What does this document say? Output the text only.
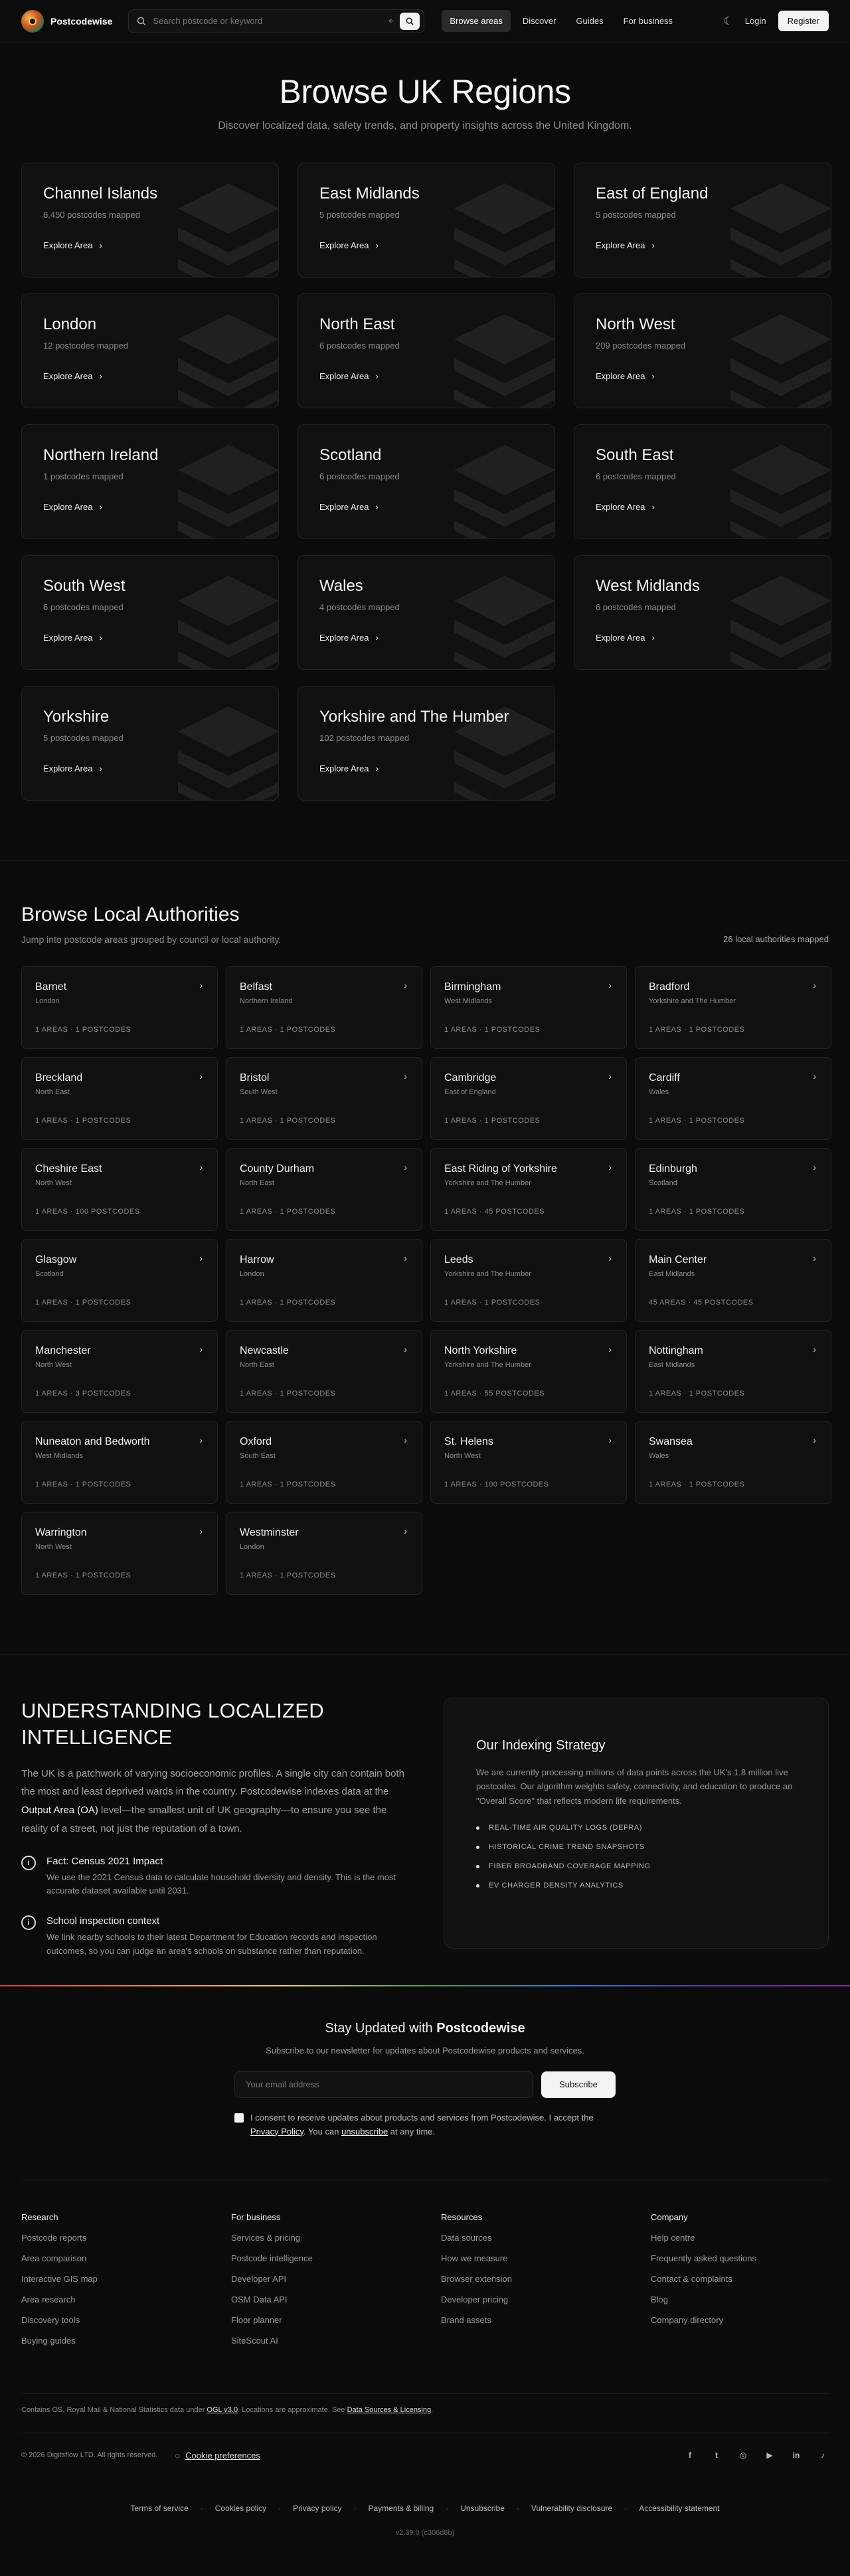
Postcodewise
Search postcode or keyword	⌖	Browse areas	Discover	Guides	For business	☾ Login	Register
Browse UK Regions

Discover localized data, safety trends, and property insights across the United Kingdom.

Channel Islands
6,450 postcodes mapped
Explore Area ›
East Midlands
5 postcodes mapped
Explore Area ›
East of England
5 postcodes mapped
Explore Area ›
London
12 postcodes mapped
Explore Area ›
North East
6 postcodes mapped
Explore Area ›
North West
209 postcodes mapped
Explore Area ›
Northern Ireland
1 postcodes mapped
Explore Area ›
Scotland
6 postcodes mapped
Explore Area ›
South East
6 postcodes mapped
Explore Area ›
South West
6 postcodes mapped
Explore Area ›
Wales
4 postcodes mapped
Explore Area ›
West Midlands
6 postcodes mapped
Explore Area ›
Yorkshire
5 postcodes mapped
Explore Area ›
Yorkshire and The Humber
102 postcodes mapped
Explore Area ›
Browse Local Authorities
Jump into postcode areas grouped by council or local authority.	26 local authorities mapped
Barnet
London
›
1 AREAS · 1 POSTCODES
Belfast
Northern Ireland
›
1 AREAS · 1 POSTCODES
Birmingham
West Midlands
›
1 AREAS · 1 POSTCODES
Bradford
Yorkshire and The Humber
›
1 AREAS · 1 POSTCODES
Breckland
North East
›
1 AREAS · 1 POSTCODES
Bristol
South West
›
1 AREAS · 1 POSTCODES
Cambridge
East of England
›
1 AREAS · 1 POSTCODES
Cardiff
Wales
›
1 AREAS · 1 POSTCODES
Cheshire East
North West
›
1 AREAS · 100 POSTCODES
County Durham
North East
›
1 AREAS · 1 POSTCODES
East Riding of Yorkshire
Yorkshire and The Humber
›
1 AREAS · 45 POSTCODES
Edinburgh
Scotland
›
1 AREAS · 1 POSTCODES
Glasgow
Scotland
›
1 AREAS · 1 POSTCODES
Harrow
London
›
1 AREAS · 1 POSTCODES
Leeds
Yorkshire and The Humber
›
1 AREAS · 1 POSTCODES
Main Center
East Midlands
›
45 AREAS · 45 POSTCODES
Manchester
North West
›
1 AREAS · 3 POSTCODES
Newcastle
North East
›
1 AREAS · 1 POSTCODES
North Yorkshire
Yorkshire and The Humber
›
1 AREAS · 55 POSTCODES
Nottingham
East Midlands
›
1 AREAS · 1 POSTCODES
Nuneaton and Bedworth
West Midlands
›
1 AREAS · 1 POSTCODES
Oxford
South East
›
1 AREAS · 1 POSTCODES
St. Helens
North West
›
1 AREAS · 100 POSTCODES
Swansea
Wales
›
1 AREAS · 1 POSTCODES
Warrington
North West
›
1 AREAS · 1 POSTCODES
Westminster
London
›
1 AREAS · 1 POSTCODES
UNDERSTANDING LOCALIZED INTELLIGENCE

The UK is a patchwork of varying socioeconomic profiles. A single city can contain both the most and least deprived wards in the country. Postcodewise indexes data at the Output Area (OA) level—the smallest unit of UK geography—to ensure you see the reality of a street, not just the reputation of a town.

i	Fact: Census 2021 Impact

We use the 2021 Census data to calculate household diversity and density. This is the most accurate dataset available until 2031.

i	School inspection context

We link nearby schools to their latest Department for Education records and inspection outcomes, so you can judge an area's schools on substance rather than reputation.

Our Indexing Strategy

We are currently processing millions of data points across the UK's 1.8 million live postcodes. Our algorithm weights safety, connectivity, and education to produce an "Overall Score" that reflects modern life requirements.

REAL-TIME AIR QUALITY LOGS (DEFRA)
HISTORICAL CRIME TREND SNAPSHOTS
FIBER BROADBAND COVERAGE MAPPING
EV CHARGER DENSITY ANALYTICS
Stay Updated with Postcodewise

Subscribe to our newsletter for updates about Postcodewise products and services.

Your email address
Subscribe
I consent to receive updates about products and services from Postcodewise. I accept the Privacy Policy. You can unsubscribe at any time.
Research
Postcode reports
Area comparison
Interactive GIS map
Area research
Discovery tools
Buying guides
For business
Services & pricing
Postcode intelligence
Developer API
OSM Data API
Floor planner
SiteScout AI
Resources
Data sources
How we measure
Browser extension
Developer pricing
Brand assets
Company
Help centre
Frequently asked questions
Contact & complaints
Blog
Company directory
Contains OS, Royal Mail & National Statistics data under OGL v3.0. Locations are approximate. See Data Sources & Licensing.
© 2026 Digitsflow LTD. All rights reserved. ◌ Cookie preferences	f	t	◎	▶	in	♪
Terms of service · Cookies policy · Privacy policy · Payments & billing · Unsubscribe · Vulnerability disclosure · Accessibility statement
v2.39.0 (c306d8b)
